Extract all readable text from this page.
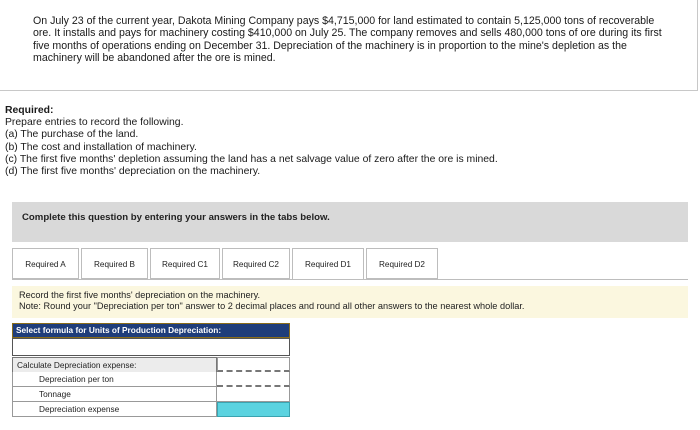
On July 23 of the current year, Dakota Mining Company pays $4,715,000 for land estimated to contain 5,125,000 tons of recoverable ore. It installs and pays for machinery costing $410,000 on July 25. The company removes and sells 480,000 tons of ore during its first five months of operations ending on December 31. Depreciation of the machinery is in proportion to the mine's depletion as the machinery will be abandoned after the ore is mined.
Required:
Prepare entries to record the following.
(a) The purchase of the land.
(b) The cost and installation of machinery.
(c) The first five months' depletion assuming the land has a net salvage value of zero after the ore is mined.
(d) The first five months' depreciation on the machinery.
Complete this question by entering your answers in the tabs below.
Required A	Required B	Required C1	Required C2	Required D1	Required D2
Record the first five months' depreciation on the machinery.
Note: Round your "Depreciation per ton" answer to 2 decimal places and round all other answers to the nearest whole dollar.
Select formula for Units of Production Depreciation:
Calculate Depreciation expense:
Depreciation per ton
Tonnage
Depreciation expense
